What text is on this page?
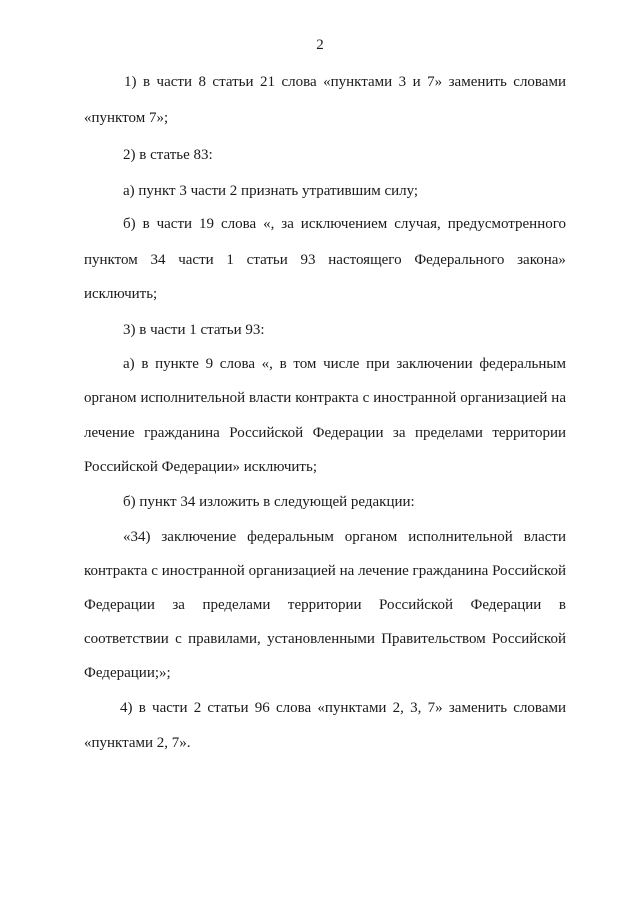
2
1) в части 8 статьи 21 слова «пунктами 3 и 7» заменить словами
«пунктом 7»;
2) в статье 83:
а) пункт 3 части 2 признать утратившим силу;
б) в части 19 слова «, за исключением случая, предусмотренного
пунктом 34 части 1 статьи 93 настоящего Федерального закона»
исключить;
3) в части 1 статьи 93:
а) в пункте 9 слова «, в том числе при заключении федеральным
органом исполнительной власти контракта с иностранной организацией на
лечение гражданина Российской Федерации за пределами территории
Российской Федерации» исключить;
б) пункт 34 изложить в следующей редакции:
«34) заключение федеральным органом исполнительной власти
контракта с иностранной организацией на лечение гражданина Российской
Федерации за пределами территории Российской Федерации в
соответствии с правилами, установленными Правительством Российской
Федерации;»;
4) в части 2 статьи 96 слова «пунктами 2, 3, 7» заменить словами
«пунктами 2, 7».
